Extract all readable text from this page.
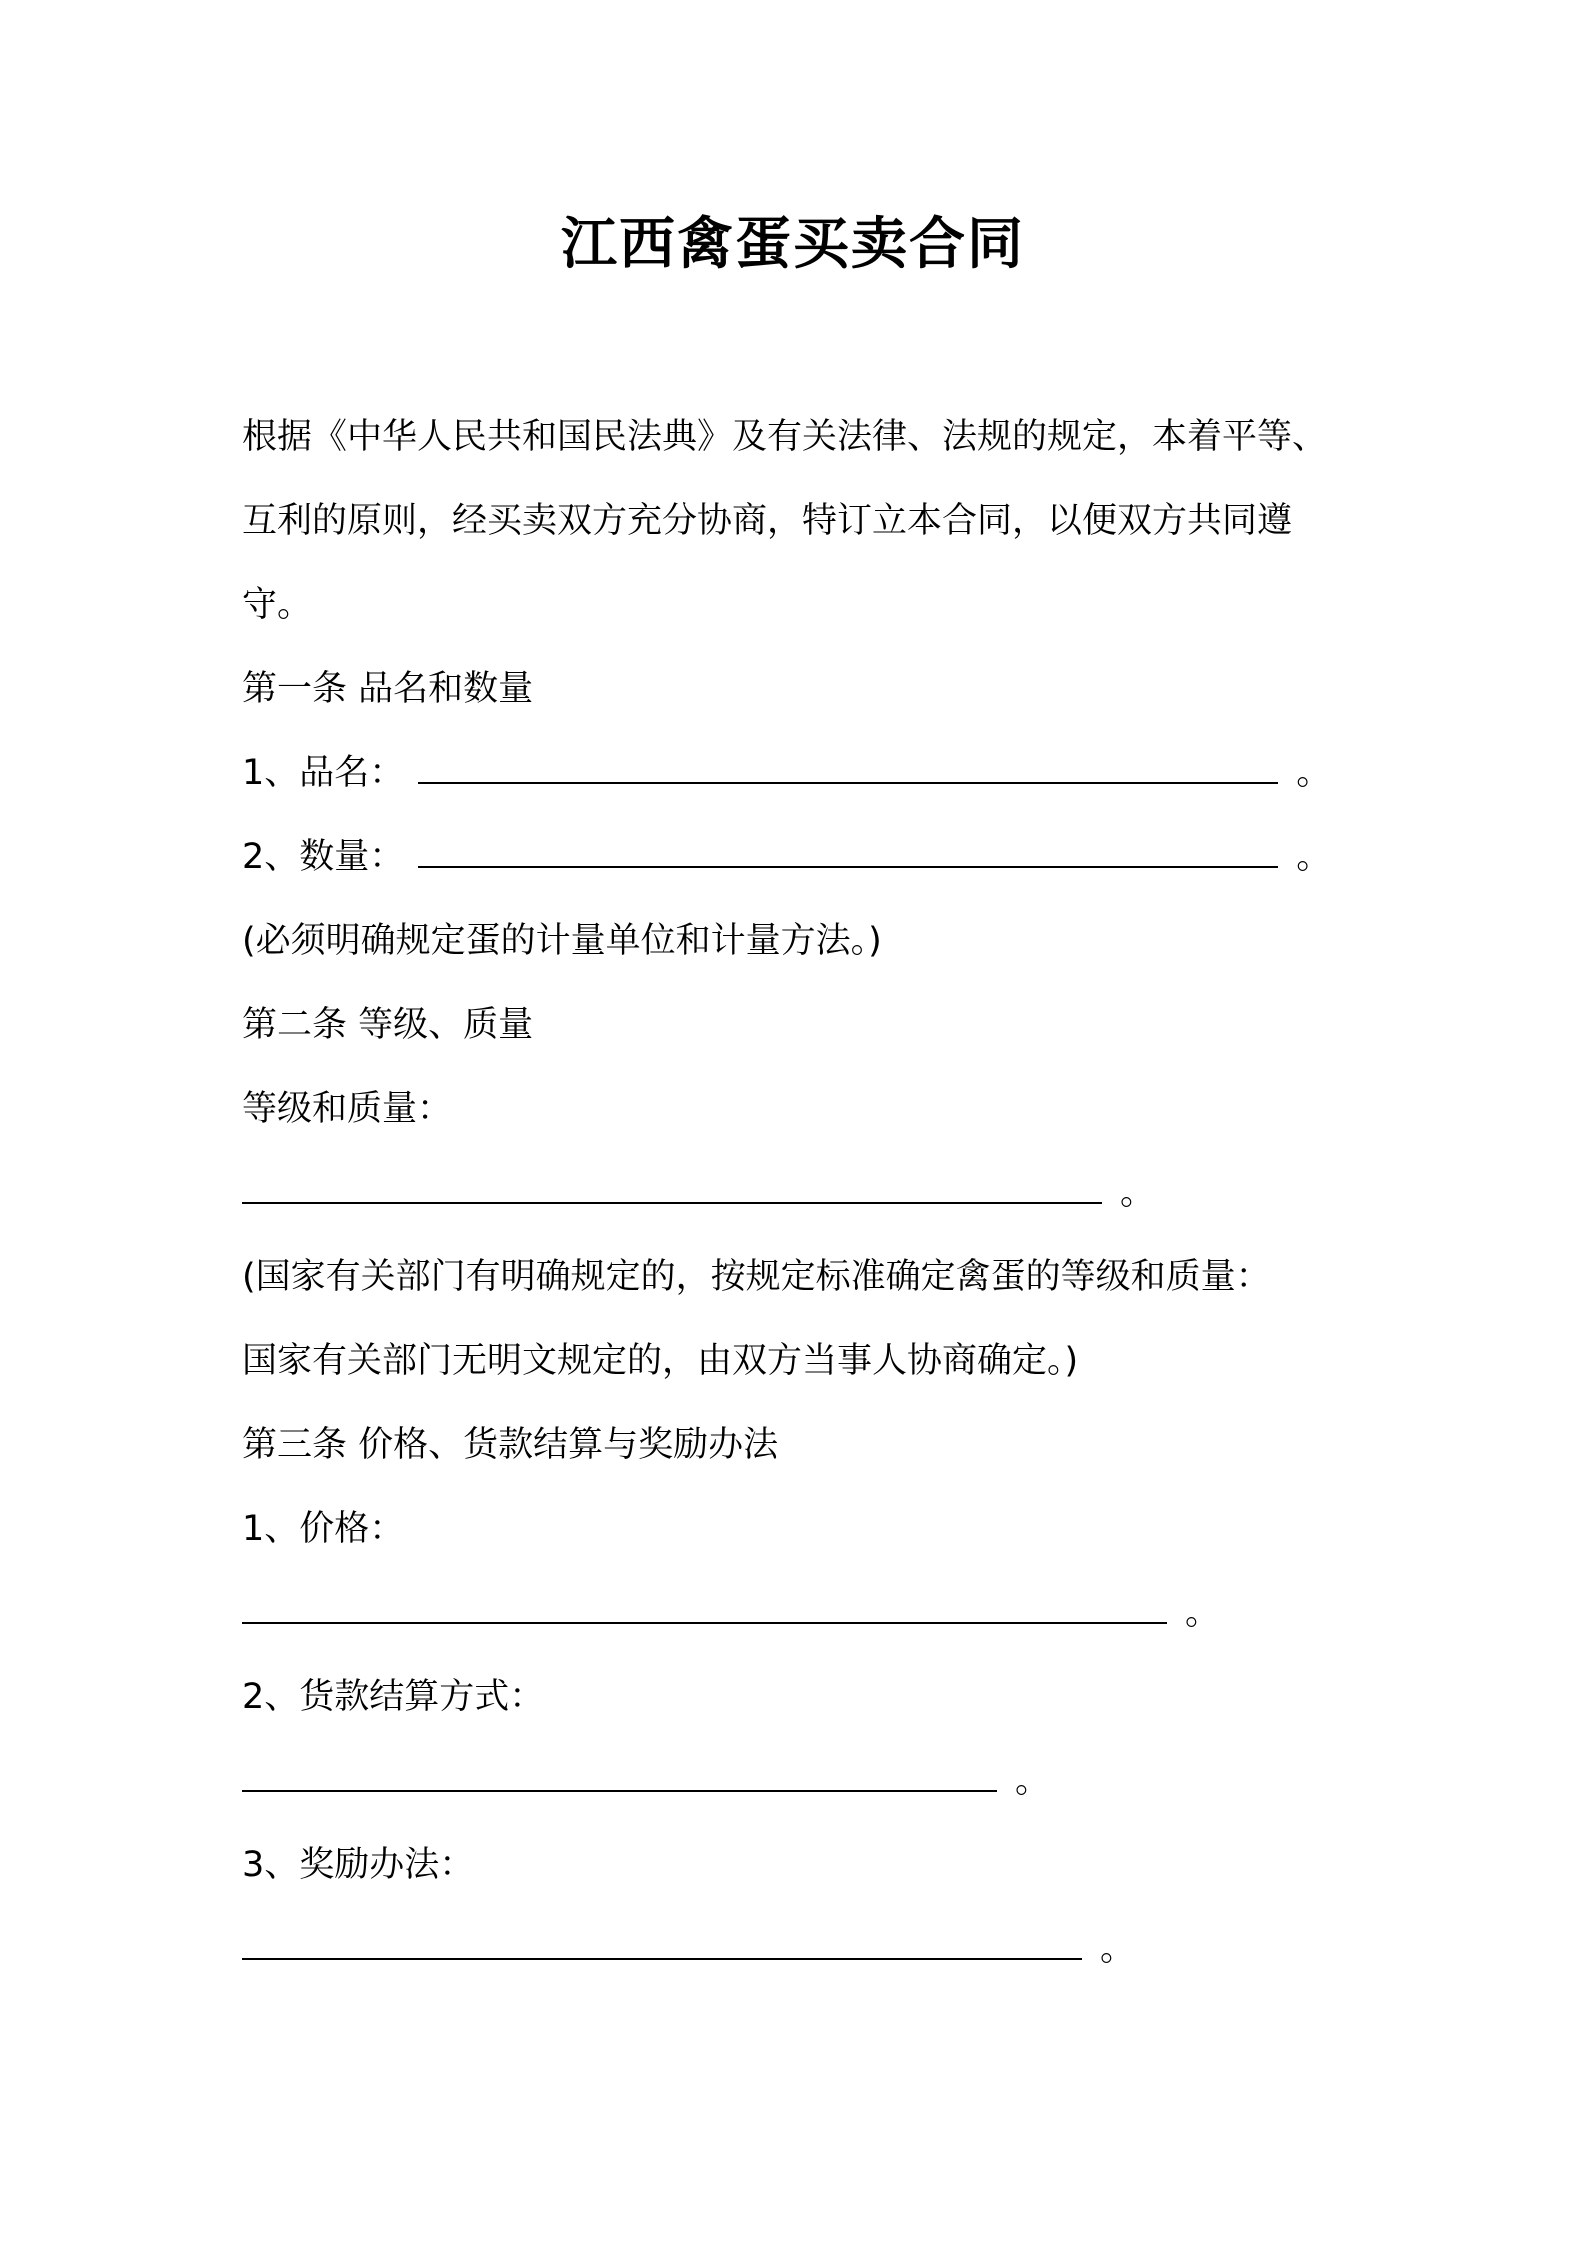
江西禽蛋买卖合同
根据《中华人民共和国民法典》及有关法律、法规的规定，本着平等、
互利的原则，经买卖双方充分协商，特订立本合同，以便双方共同遵
守。
第一条 品名和数量
1、品名：	。
2、数量：	。
(必须明确规定蛋的计量单位和计量方法。)
第二条 等级、质量
等级和质量：
。
(国家有关部门有明确规定的，按规定标准确定禽蛋的等级和质量：
国家有关部门无明文规定的，由双方当事人协商确定。)
第三条 价格、货款结算与奖励办法
1、价格：
。
2、货款结算方式：
。
3、奖励办法：
。
